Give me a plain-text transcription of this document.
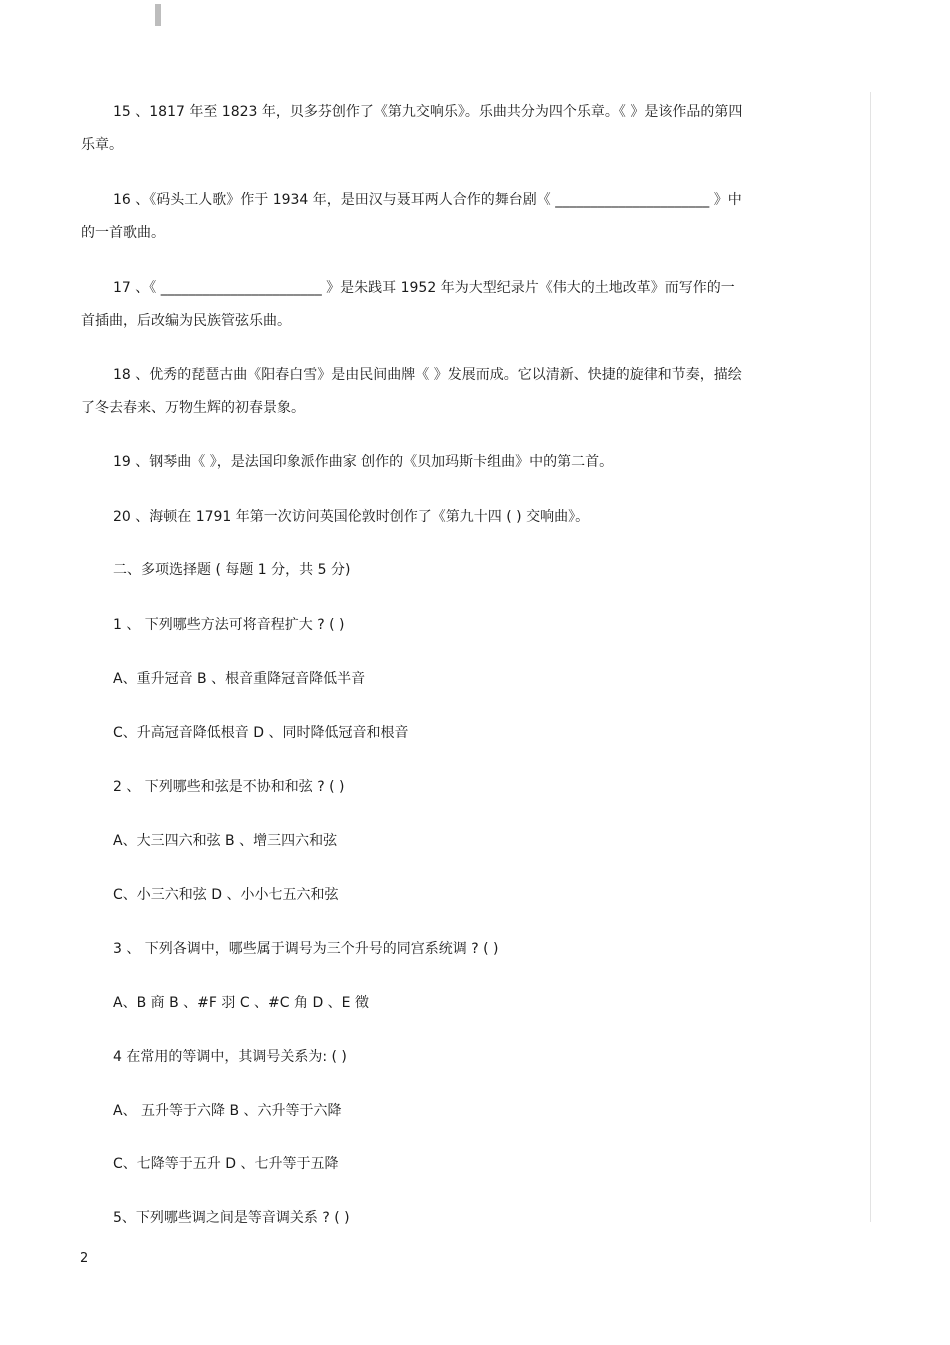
15 、1817 年至 1823 年，贝多芬创作了《第九交响乐》。乐曲共分为四个乐章。《 》是该作品的第四
乐章。
16 、《码头工人歌》作于 1934 年，是田汉与聂耳两人合作的舞台剧《 ______________________ 》中
的一首歌曲。
17 、《 _______________________ 》是朱践耳 1952 年为大型纪录片《伟大的土地改革》而写作的一
首插曲，后改编为民族管弦乐曲。
18 、优秀的琵琶古曲《阳春白雪》是由民间曲牌《 》发展而成。它以清新、快捷的旋律和节奏，描绘
了冬去春来、万物生辉的初春景象。
19 、钢琴曲《 》，是法国印象派作曲家 创作的《贝加玛斯卡组曲》中的第二首。
20 、海顿在 1791 年第一次访问英国伦敦时创作了《第九十四 ( ) 交响曲》。
二、多项选择题 ( 每题 1 分，共 5 分)
1 、 下列哪些方法可将音程扩大 ? ( )
A、重升冠音 B 、根音重降冠音降低半音
C、升高冠音降低根音 D 、同时降低冠音和根音
2 、 下列哪些和弦是不协和和弦 ? ( )
A、大三四六和弦 B 、增三四六和弦
C、小三六和弦 D 、小小七五六和弦
3 、 下列各调中，哪些属于调号为三个升号的同宫系统调 ? ( )
A、B 商 B 、#F 羽 C 、#C 角 D 、E 徵
4 在常用的等调中，其调号关系为: ( )
A、 五升等于六降 B 、六升等于六降
C、七降等于五升 D 、七升等于五降
5、下列哪些调之间是等音调关系 ? ( )
2
